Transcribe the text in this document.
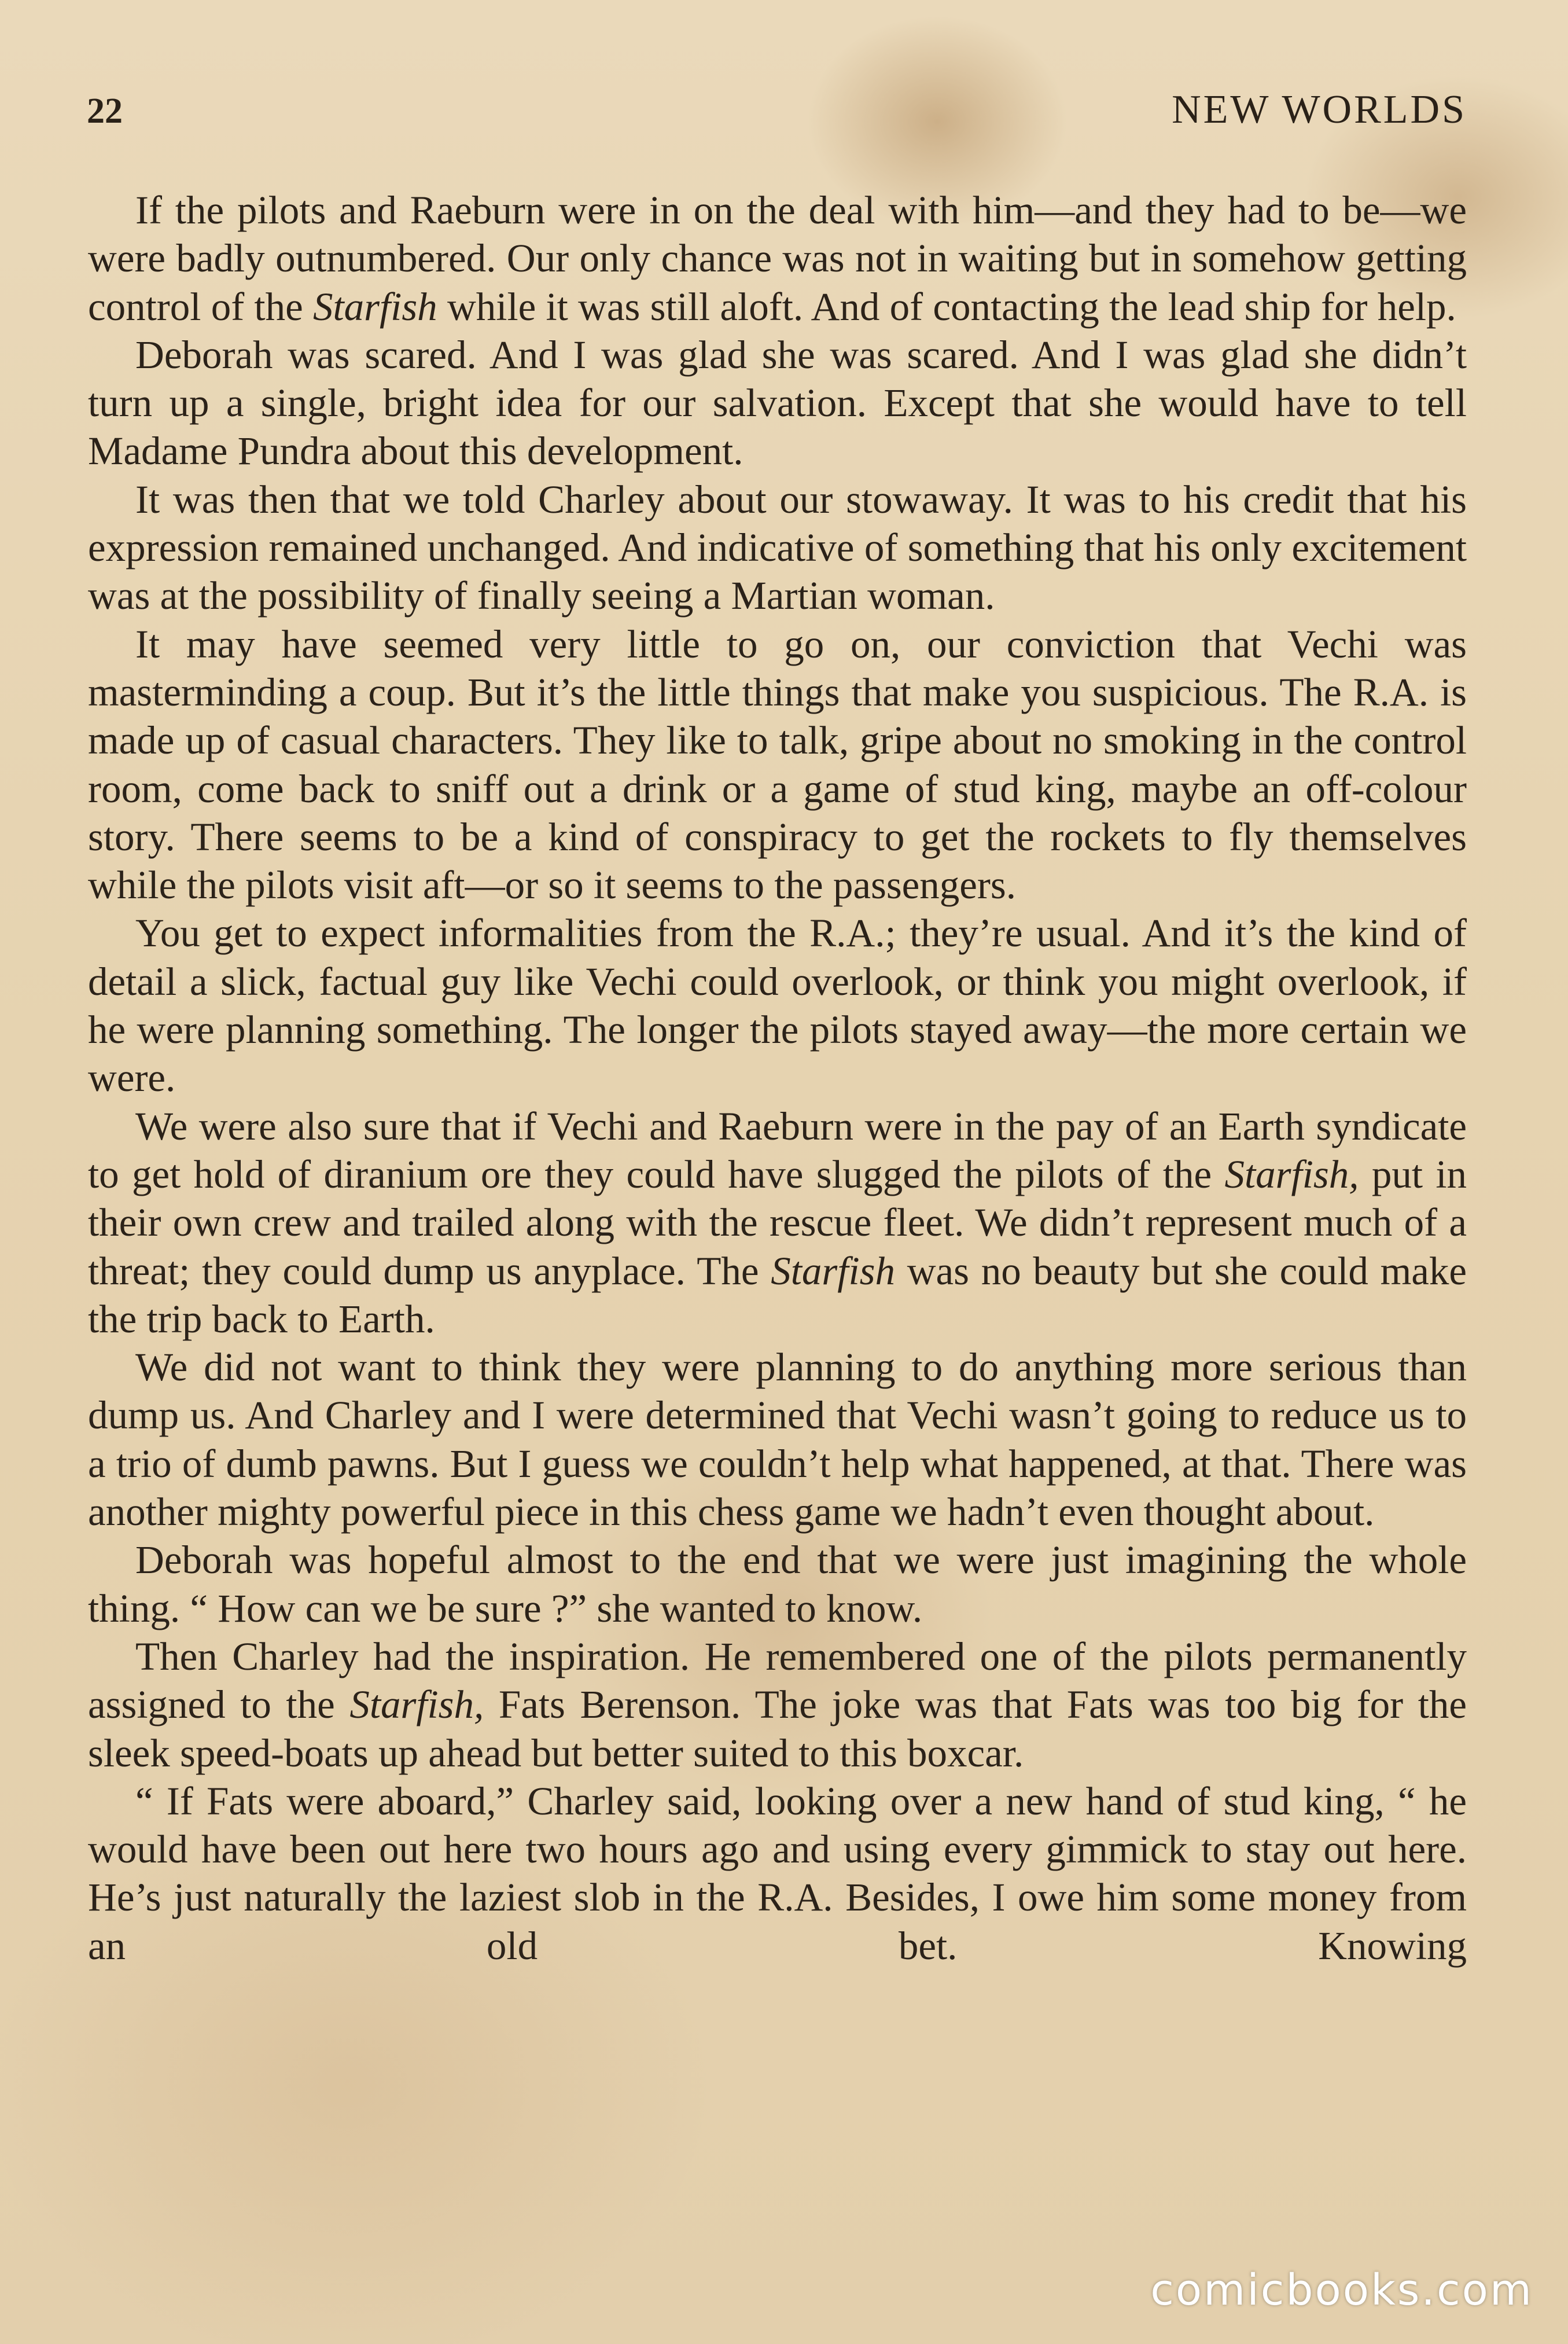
22	NEW WORLDS

If the pilots and Raeburn were in on the deal with him—and they had to be—we were badly outnumbered. Our only chance was not in waiting but in somehow getting control of the Starfish while it was still aloft. And of contacting the lead ship for help.

Deborah was scared. And I was glad she was scared. And I was glad she didn’t turn up a single, bright idea for our salvation. Except that she would have to tell Madame Pundra about this development.

It was then that we told Charley about our stowaway. It was to his credit that his expression remained unchanged. And indicative of something that his only excitement was at the possibility of finally seeing a Martian woman.

It may have seemed very little to go on, our conviction that Vechi was masterminding a coup. But it’s the little things that make you suspicious. The R.A. is made up of casual characters. They like to talk, gripe about no smoking in the control room, come back to sniff out a drink or a game of stud king, maybe an off-colour story. There seems to be a kind of conspiracy to get the rockets to fly themselves while the pilots visit aft—or so it seems to the passengers.

You get to expect informalities from the R.A.; they’re usual. And it’s the kind of detail a slick, factual guy like Vechi could overlook, or think you might overlook, if he were planning something. The longer the pilots stayed away—the more certain we were.

We were also sure that if Vechi and Raeburn were in the pay of an Earth syndicate to get hold of diranium ore they could have slugged the pilots of the Starfish, put in their own crew and trailed along with the rescue fleet. We didn’t represent much of a threat; they could dump us anyplace. The Starfish was no beauty but she could make the trip back to Earth.

We did not want to think they were planning to do anything more serious than dump us. And Charley and I were determined that Vechi wasn’t going to reduce us to a trio of dumb pawns. But I guess we couldn’t help what happened, at that. There was another mighty powerful piece in this chess game we hadn’t even thought about.

Deborah was hopeful almost to the end that we were just imagining the whole thing. “ How can we be sure ?” she wanted to know.

Then Charley had the inspiration. He remembered one of the pilots permanently assigned to the Starfish, Fats Berenson. The joke was that Fats was too big for the sleek speed-boats up ahead but better suited to this boxcar.

“ If Fats were aboard,” Charley said, looking over a new hand of stud king, “ he would have been out here two hours ago and using every gimmick to stay out here. He’s just naturally the laziest slob in the R.A. Besides, I owe him some money from an old bet. Knowing

comicbooks.com
